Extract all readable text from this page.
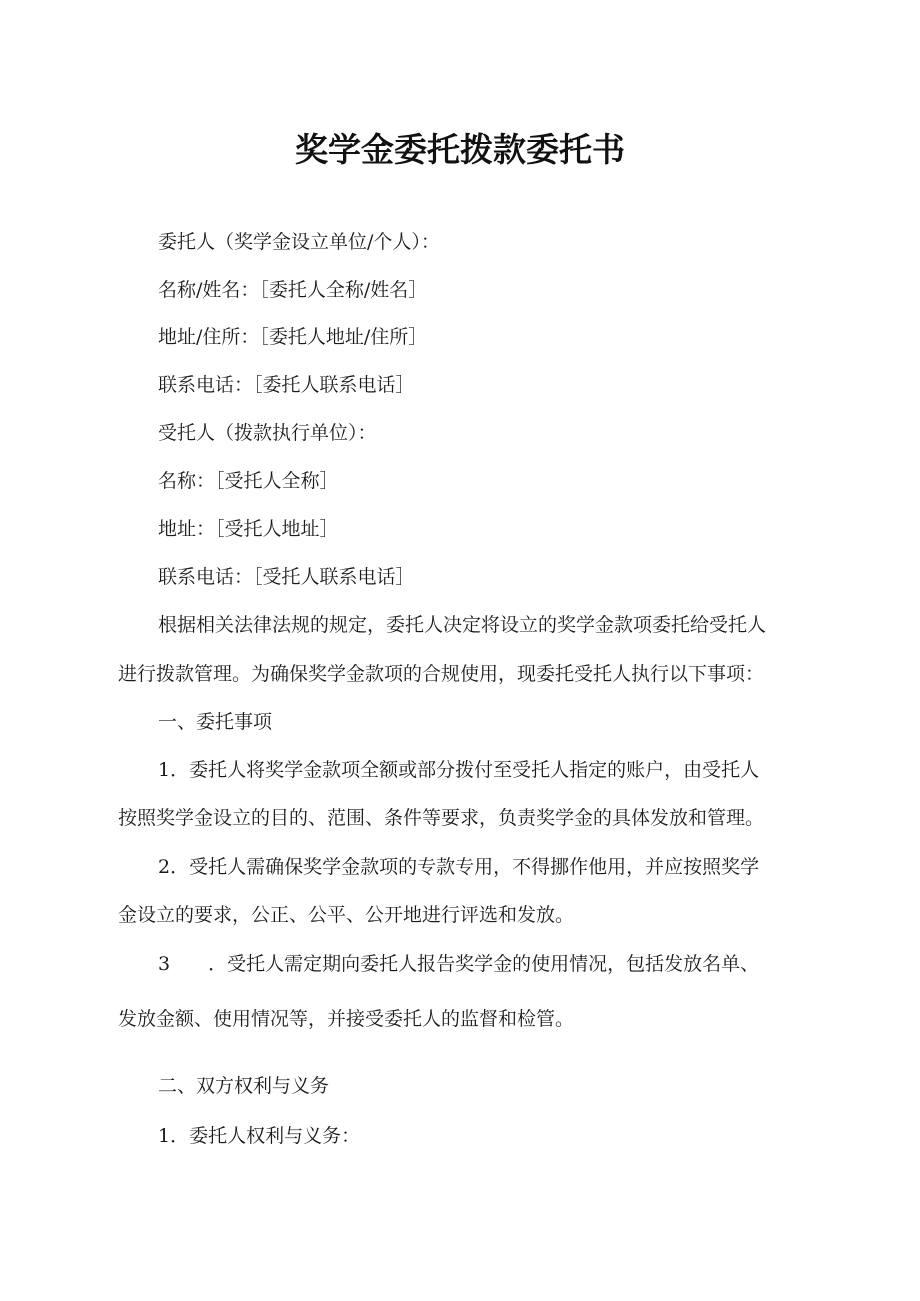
奖学金委托拨款委托书

委托人（奖学金设立单位/个人）：

名称/姓名：［委托人全称/姓名］

地址/住所：［委托人地址/住所］

联系电话：［委托人联系电话］

受托人（拨款执行单位）：

名称：［受托人全称］

地址：［受托人地址］

联系电话：［受托人联系电话］

根据相关法律法规的规定，委托人决定将设立的奖学金款项委托给受托人

进行拨款管理。为确保奖学金款项的合规使用，现委托受托人执行以下事项：

一、委托事项

1．委托人将奖学金款项全额或部分拨付至受托人指定的账户，由受托人

按照奖学金设立的目的、范围、条件等要求，负责奖学金的具体发放和管理。

2．受托人需确保奖学金款项的专款专用，不得挪作他用，并应按照奖学

金设立的要求，公正、公平、公开地进行评选和发放。

3　　．受托人需定期向委托人报告奖学金的使用情况，包括发放名单、

发放金额、使用情况等，并接受委托人的监督和检管。

二、双方权利与义务

1．委托人权利与义务：
